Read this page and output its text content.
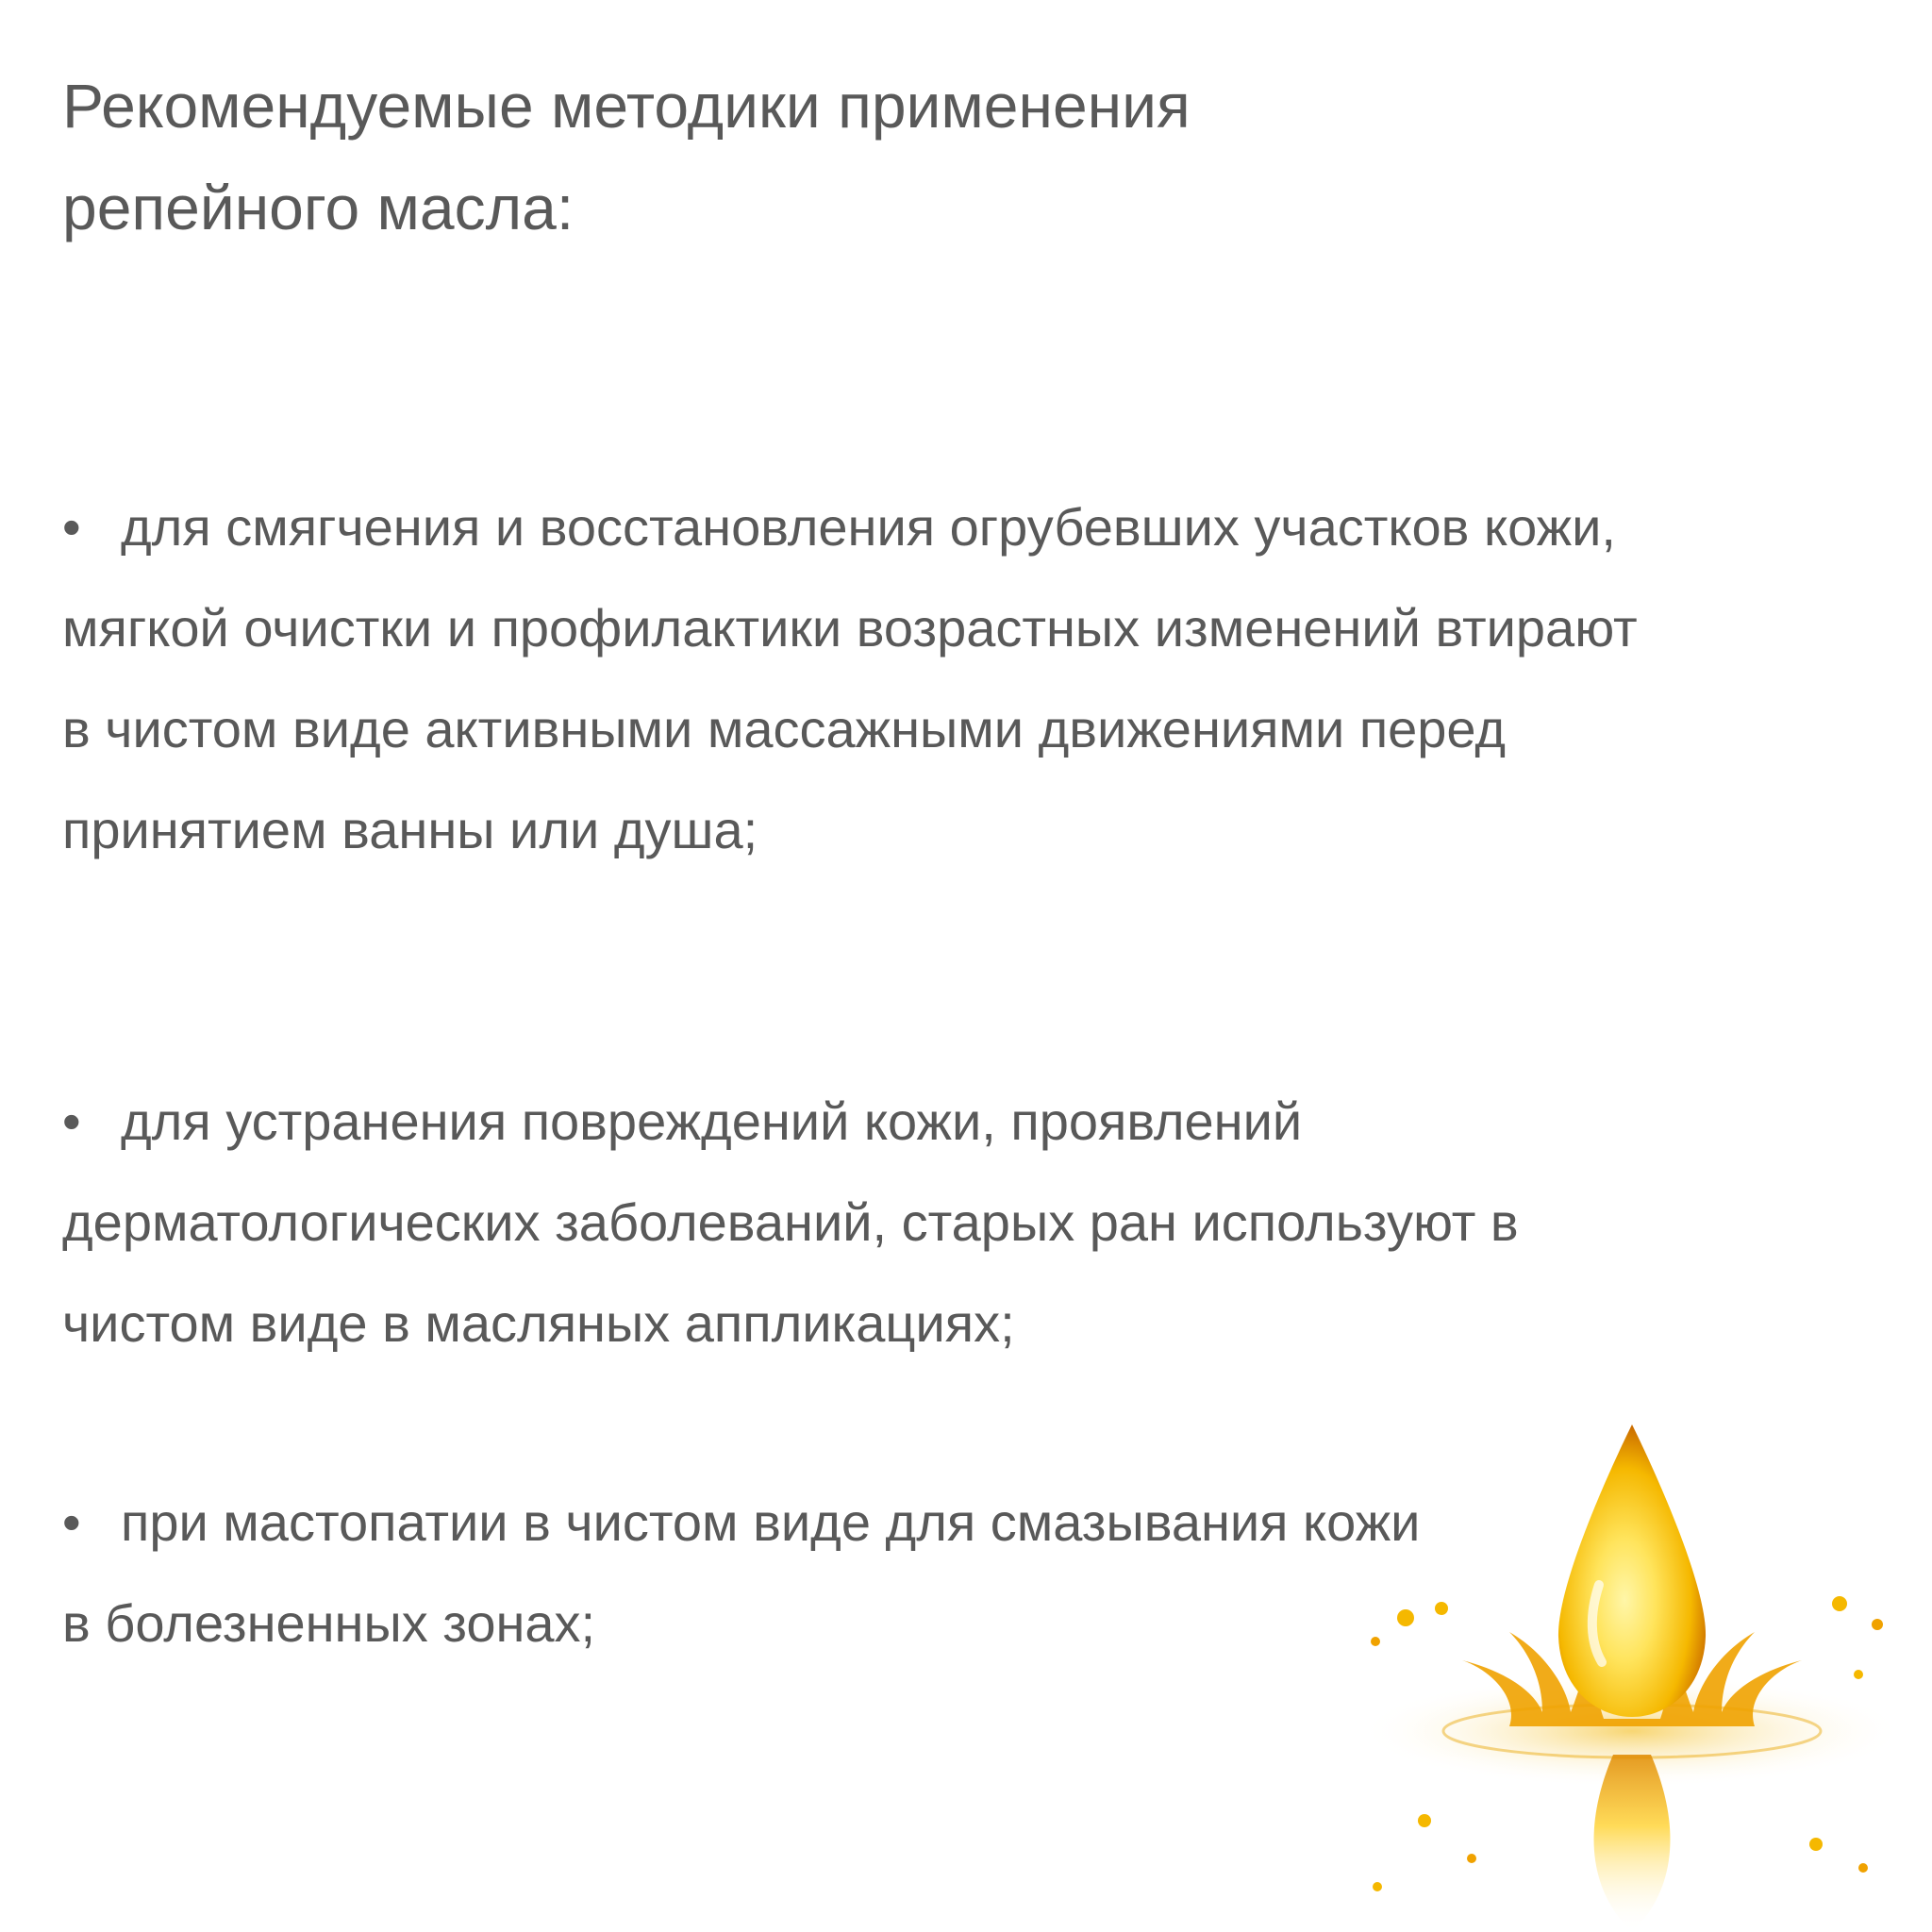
Рекомендуемые методики применения
репейного масла:
• для смягчения и восстановления огрубевших участков кожи,
мягкой очистки и профилактики возрастных изменений втирают
в чистом виде активными массажными движениями перед
принятием ванны или душа;
• для устранения повреждений кожи, проявлений
дерматологических заболеваний, старых ран используют в
чистом виде в масляных аппликациях;
• при мастопатии в чистом виде для смазывания кожи
в болезненных зонах;
